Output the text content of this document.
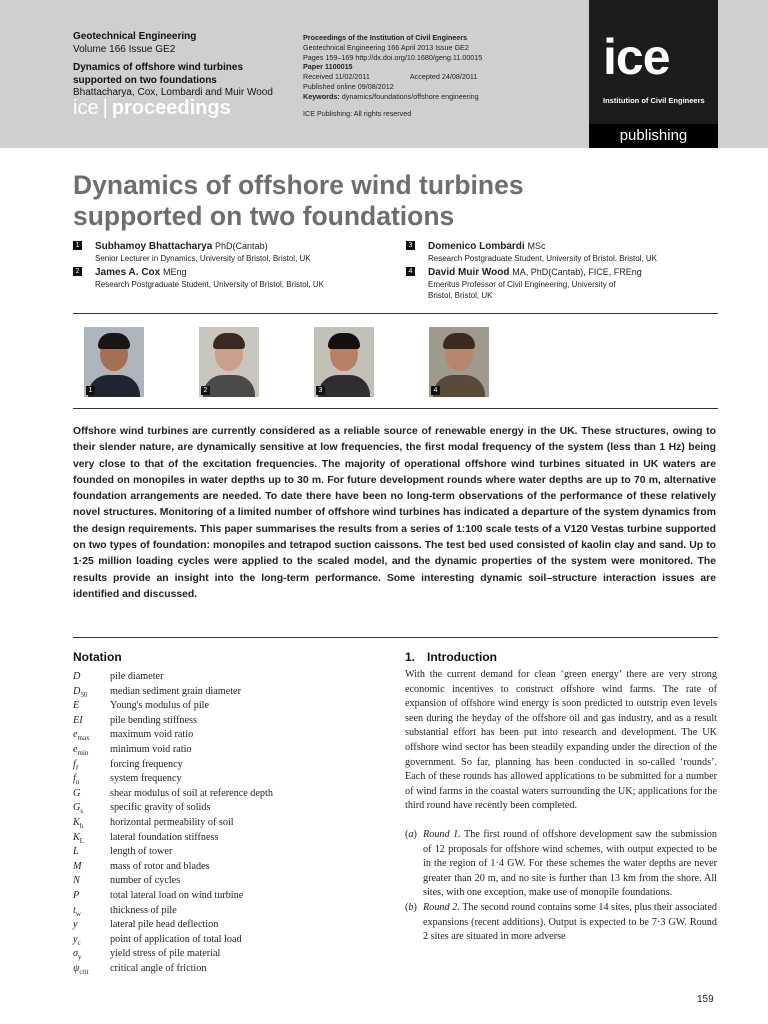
Geotechnical Engineering
Volume 166 Issue GE2
Dynamics of offshore wind turbines
supported on two foundations
Bhattacharya, Cox, Lombardi and Muir Wood
ice | proceedings
Proceedings of the Institution of Civil Engineers
Geotechnical Engineering 166 April 2013 Issue GE2
Pages 159–169 http://dx.doi.org/10.1680/geng.11.00015
Paper 1100015
Received 11/02/2011	Accepted 24/08/2011
Published online 09/08/2012
Keywords: dynamics/foundations/offshore engineering
ICE Publishing: All rights reserved
ice
Institution of Civil Engineers
publishing
Dynamics of offshore wind turbines
supported on two foundations
1 Subhamoy Bhattacharya PhD(Cantab)
Senior Lecturer in Dynamics, University of Bristol, Bristol, UK
2 James A. Cox MEng
Research Postgraduate Student, University of Bristol, Bristol, UK
3 Domenico Lombardi MSc
Research Postgraduate Student, University of Bristol, Bristol, UK
4 David Muir Wood MA, PhD(Cantab), FICE, FREng
Emeritus Professor of Civil Engineering, University of
Bristol, Bristol, UK
1	2	3	4
Offshore wind turbines are currently considered as a reliable source of renewable energy in the UK. These structures, owing to their slender nature, are dynamically sensitive at low frequencies, the first modal frequency of the system (less than 1 Hz) being very close to that of the excitation frequencies. The majority of operational offshore wind turbines situated in UK waters are founded on monopiles in water depths up to 30 m. For future development rounds where water depths are up to 70 m, alternative foundation arrangements are needed. To date there have been no long-term observations of the performance of these relatively novel structures. Monitoring of a limited number of offshore wind turbines has indicated a departure of the system dynamics from the design requirements. This paper summarises the results from a series of 1:100 scale tests of a V120 Vestas turbine supported on two types of foundation: monopiles and tetrapod suction caissons. The test bed used consisted of kaolin clay and sand. Up to 1·25 million loading cycles were applied to the scaled model, and the dynamic properties of the system were monitored. The results provide an insight into the long-term performance. Some interesting dynamic soil–structure interaction issues are identified and discussed.
Notation
D	pile diameter
$D_{50}$ median sediment grain diameter
E	Young's modulus of pile
EI	pile bending stiffness
$e_{max}$ maximum void ratio
$e_{min}$ minimum void ratio
$f_f$	forcing frequency
$f_n$	system frequency
G	shear modulus of soil at reference depth
$G_s$	specific gravity of solids
$K_h$	horizontal permeability of soil
$K_L$	lateral foundation stiffness
L	length of tower
M	mass of rotor and blades
N	number of cycles
P	total lateral load on wind turbine
$t_w$	thickness of pile
y	lateral pile head deflection
$y_c$	point of application of total load
$\sigma_y$	yield stress of pile material
$\psi_{crit}$ critical angle of friction
1. Introduction

With the current demand for clean ‘green energy’ there are very strong economic incentives to construct offshore wind farms. The rate of expansion of offshore wind energy is soon predicted to outstrip even levels seen during the heyday of the offshore oil and gas industry, and as a result substantial effort has been put into research and development. The UK offshore wind sector has been steadily expanding under the direction of the government. So far, planning has been conducted in so-called ‘rounds’. Each of these rounds has allowed applications to be submitted for a number of wind farms in the coastal waters surrounding the UK; applications for the third round have recently been completed.

(a) Round 1. The first round of offshore development saw the submission of 12 proposals for offshore wind schemes, with output expected to be in the region of 1·4 GW. For these schemes the water depths are never greater than 20 m, and no site is further than 13 km from the shore. All sites, with one exception, make use of monopile foundations.
(b) Round 2. The second round contains some 14 sites, plus their associated expansions (recent additions). Output is expected to be 7·3 GW. Round 2 sites are situated in more adverse
159
